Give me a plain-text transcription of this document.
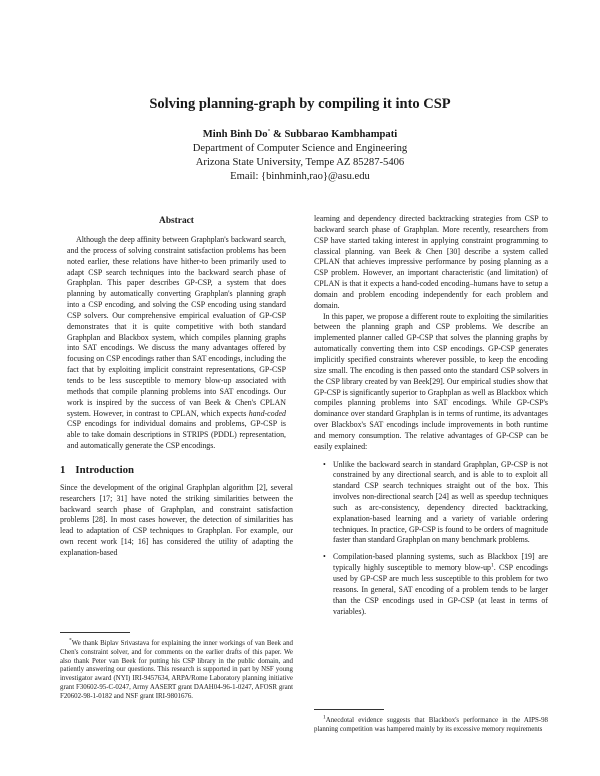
Solving planning-graph by compiling it into CSP
Minh Binh Do* & Subbarao Kambhampati
Department of Computer Science and Engineering
Arizona State University, Tempe AZ 85287-5406
Email: {binhminh,rao}@asu.edu
Abstract

Although the deep affinity between Graphplan's backward search, and the process of solving constraint satisfaction problems has been noted earlier, these relations have hither-to been primarily used to adapt CSP search techniques into the backward search phase of Graphplan. This paper describes GP-CSP, a system that does planning by automatically converting Graphplan's planning graph into a CSP encoding, and solving the CSP encoding using standard CSP solvers. Our comprehensive empirical evaluation of GP-CSP demonstrates that it is quite competitive with both standard Graphplan and Blackbox system, which compiles planning graphs into SAT encodings. We discuss the many advantages offered by focusing on CSP encodings rather than SAT encodings, including the fact that by exploiting implicit constraint representations, GP-CSP tends to be less susceptible to memory blow-up associated with methods that compile planning problems into SAT encodings. Our work is inspired by the success of van Beek & Chen's CPLAN system. However, in contrast to CPLAN, which expects hand-coded CSP encodings for individual domains and problems, GP-CSP is able to take domain descriptions in STRIPS (PDDL) representation, and automatically generate the CSP encodings.

1 Introduction

Since the development of the original Graphplan algorithm [2], several researchers [17; 31] have noted the striking similarities between the backward search phase of Graphplan, and constraint satisfaction problems [28]. In most cases however, the detection of similarities has lead to adaptation of CSP techniques to Graphplan. For example, our own recent work [14; 16] has considered the utility of adapting the explanation-based

*We thank Biplav Srivastava for explaining the inner workings of van Beek and Chen's constraint solver, and for comments on the earlier drafts of this paper. We also thank Peter van Beek for putting his CSP library in the public domain, and patiently answering our questions. This research is supported in part by NSF young investigator award (NYI) IRI-9457634, ARPA/Rome Laboratory planning initiative grant F30602-95-C-0247, Army AASERT grant DAAH04-96-1-0247, AFOSR grant F20602-98-1-0182 and NSF grant IRI-9801676.

learning and dependency directed backtracking strategies from CSP to backward search phase of Graphplan. More recently, researchers from CSP have started taking interest in applying constraint programming to classical planning. van Beek & Chen [30] describe a system called CPLAN that achieves impressive performance by posing planning as a CSP problem. However, an important characteristic (and limitation) of CPLAN is that it expects a hand-coded encoding–humans have to setup a domain and problem encoding independently for each problem and domain.

In this paper, we propose a different route to exploiting the similarities between the planning graph and CSP problems. We describe an implemented planner called GP-CSP that solves the planning graphs by automatically converting them into CSP encodings. GP-CSP generates implicitly specified constraints wherever possible, to keep the encoding size small. The encoding is then passed onto the standard CSP solvers in the CSP library created by van Beek[29]. Our empirical studies show that GP-CSP is significantly superior to Graphplan as well as Blackbox which compiles planning problems into SAT encodings. While GP-CSP's dominance over standard Graphplan is in terms of runtime, its advantages over Blackbox's SAT encodings include improvements in both runtime and memory consumption. The relative advantages of GP-CSP can be easily explained:

• Unlike the backward search in standard Graphplan, GP-CSP is not constrained by any directional search, and is able to to exploit all standard CSP search techniques straight out of the box. This involves non-directional search [24] as well as speedup techniques such as arc-consistency, dependency directed backtracking, explanation-based learning and a variety of variable ordering techniques. In practice, GP-CSP is found to be orders of magnitude faster than standard Graphplan on many benchmark problems.

• Compilation-based planning systems, such as Blackbox [19] are typically highly susceptible to memory blow-$up^1$. CSP encodings used by GP-CSP are much less susceptible to this problem for two reasons. In general, SAT encoding of a problem tends to be larger than the CSP encodings used in GP-CSP (at least in terms of variables).

$^1$Anecdotal evidence suggests that Blackbox's performance in the AIPS-98 planning competition was hampered mainly by its excessive memory requirements
